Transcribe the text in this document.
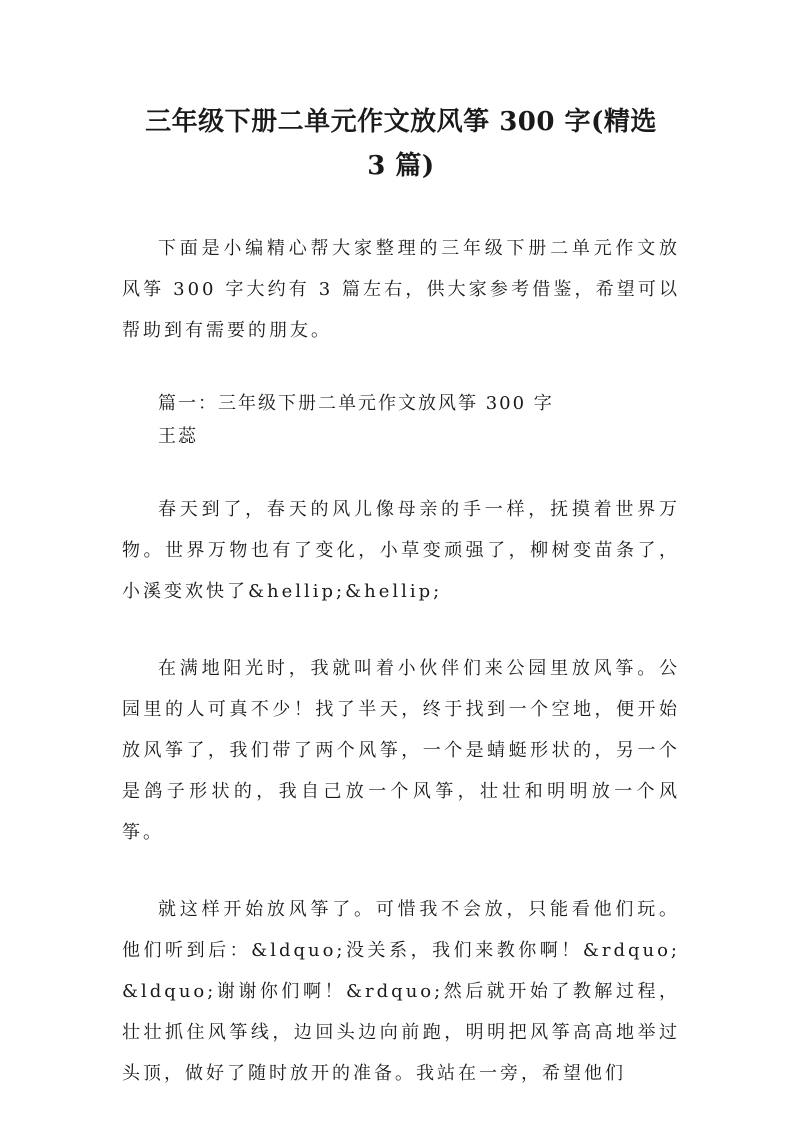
三年级下册二单元作文放风筝 300 字(精选
3 篇)

下面是小编精心帮大家整理的三年级下册二单元作文放风筝 300 字大约有 3 篇左右，供大家参考借鉴，希望可以帮助到有需要的朋友。

篇一：三年级下册二单元作文放风筝 300 字

王蕊

春天到了，春天的风儿像母亲的手一样，抚摸着世界万物。世界万物也有了变化，小草变顽强了，柳树变苗条了，小溪变欢快了&hellip;&hellip;

在满地阳光时，我就叫着小伙伴们来公园里放风筝。公园里的人可真不少！找了半天，终于找到一个空地，便开始放风筝了，我们带了两个风筝，一个是蜻蜓形状的，另一个是鸽子形状的，我自己放一个风筝，壮壮和明明放一个风筝。

就这样开始放风筝了。可惜我不会放，只能看他们玩。他们听到后：&ldquo;没关系，我们来教你啊！&rdquo;&ldquo;谢谢你们啊！&rdquo;然后就开始了教解过程，壮壮抓住风筝线，边回头边向前跑，明明把风筝高高地举过头顶，做好了随时放开的准备。我站在一旁，希望他们
